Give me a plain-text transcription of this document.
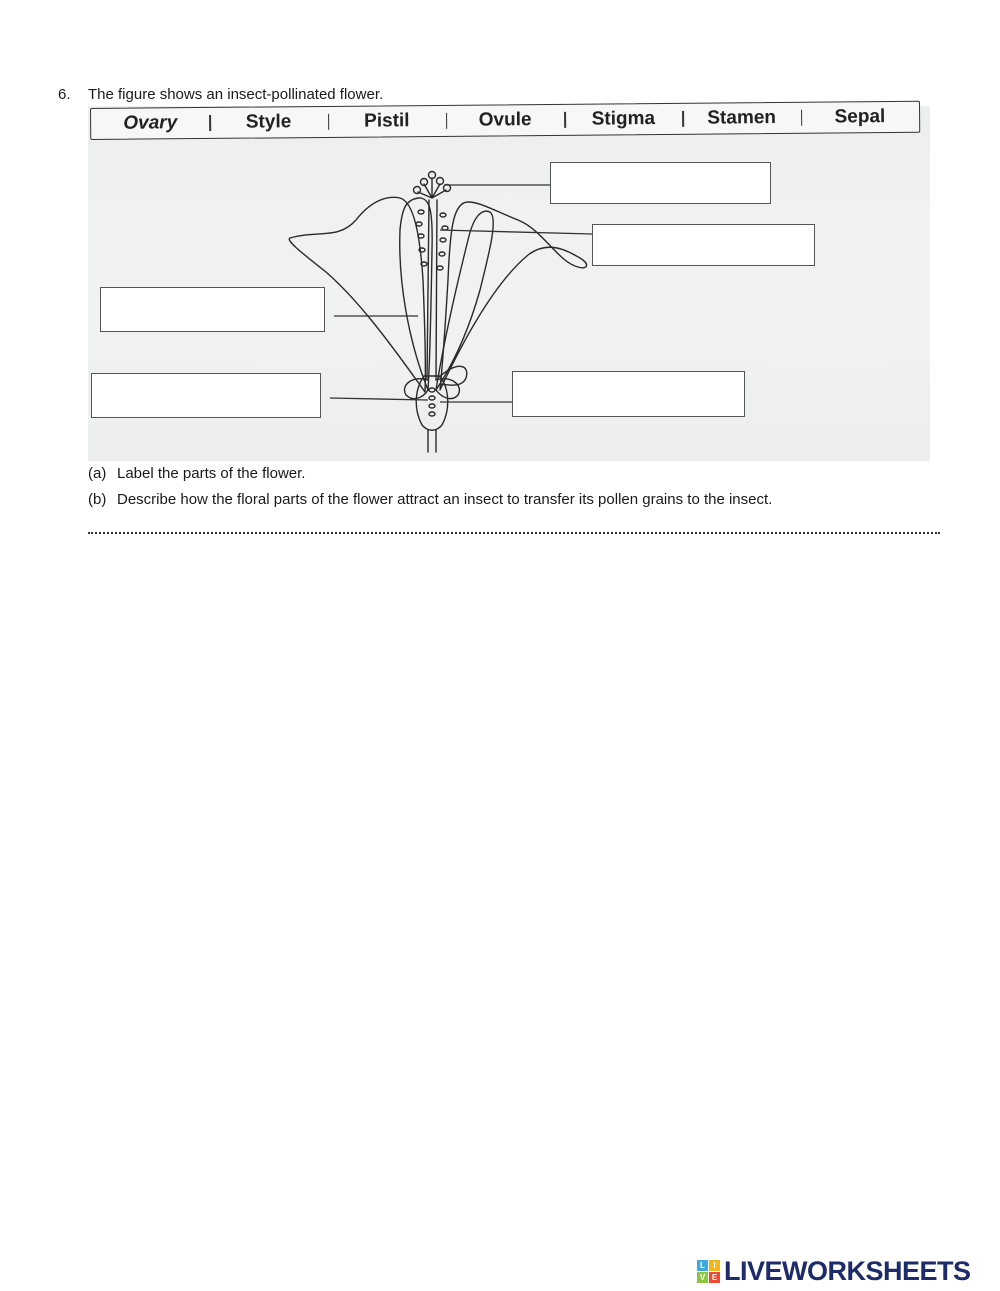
6. The figure shows an insect-pollinated flower.
Ovary	Style	Pistil	Ovule	Stigma	Stamen	Sepal
(a) Label the parts of the flower.
(b) Describe how the floral parts of the flower attract an insect to transfer its pollen grains to the insect.
L	I
V E LIVEWORKSHEETS
